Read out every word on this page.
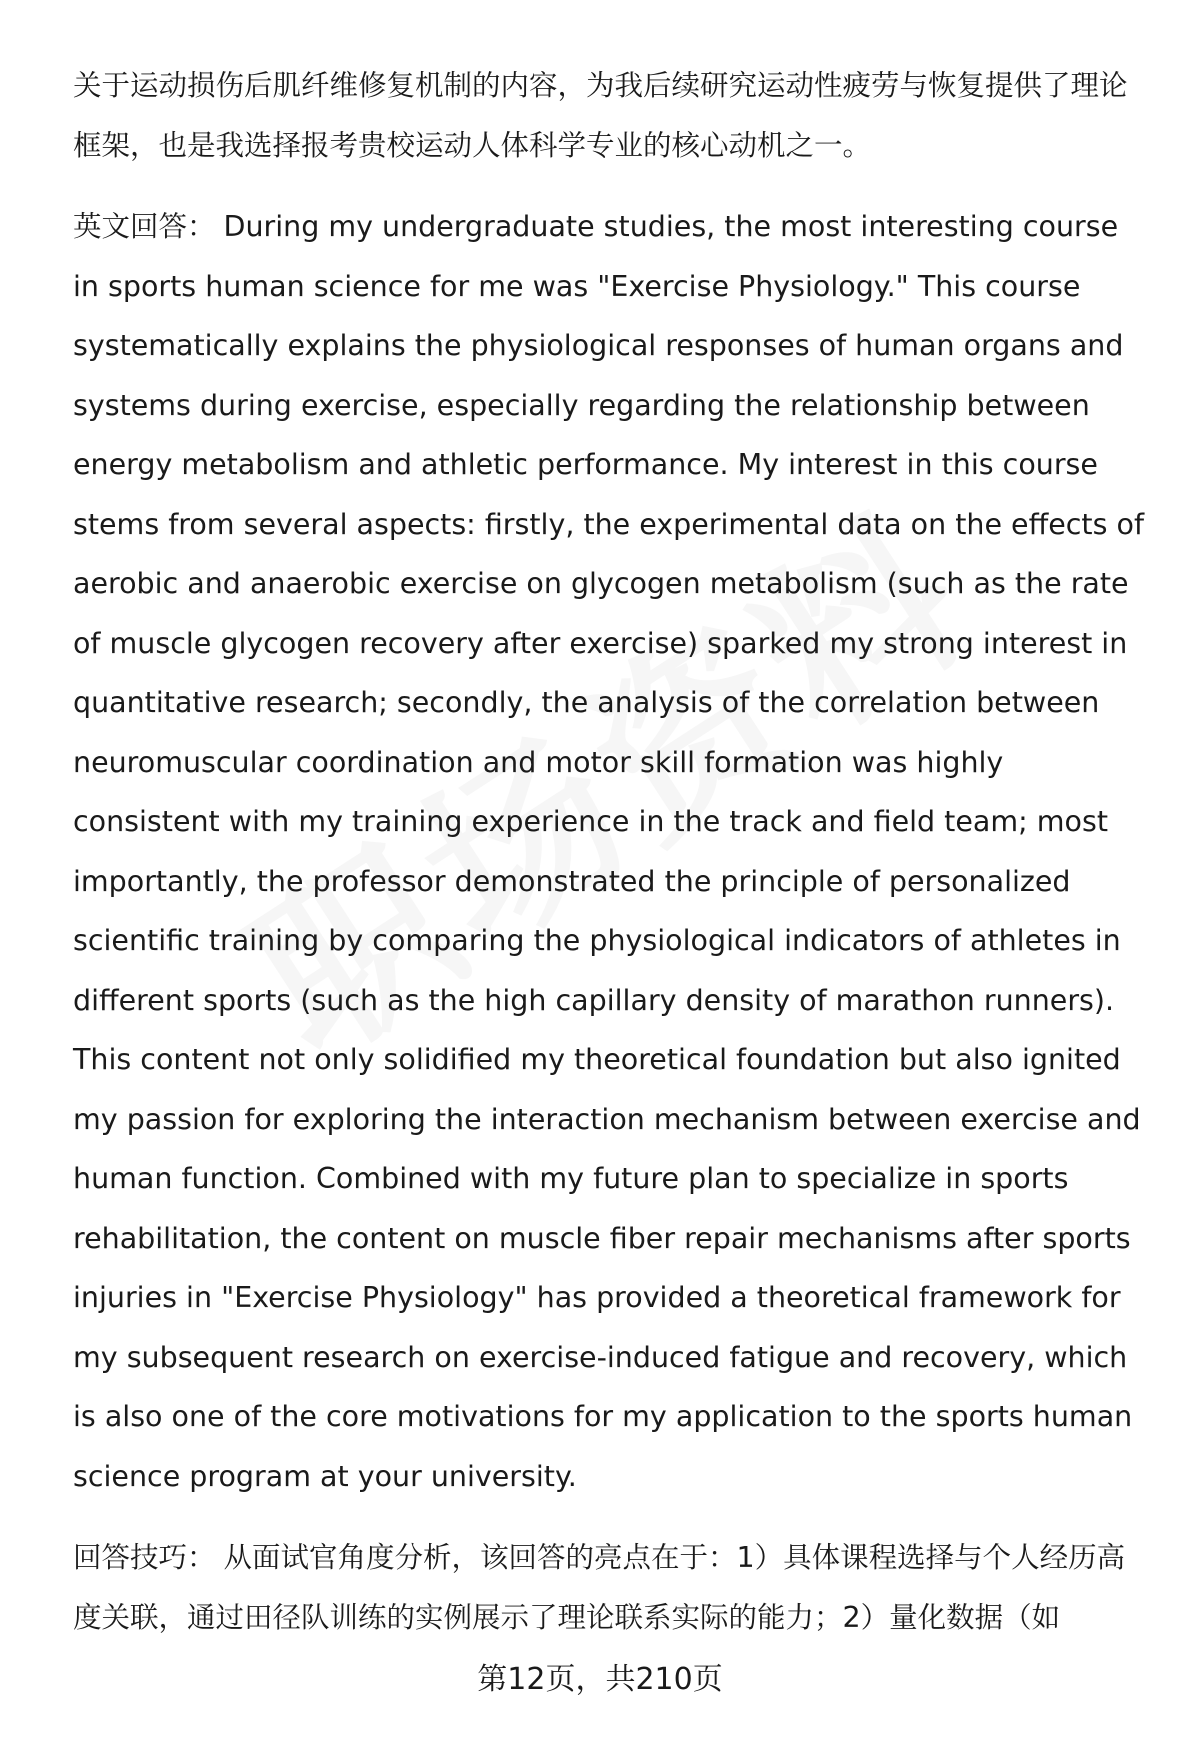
关于运动损伤后肌纤维修复机制的内容，为我后续研究运动性疲劳与恢复提供了理论框架，也是我选择报考贵校运动人体科学专业的核心动机之一。

英文回答： During my undergraduate studies, the most interesting course in sports human science for me was "Exercise Physiology." This course systematically explains the physiological responses of human organs and systems during exercise, especially regarding the relationship between energy metabolism and athletic performance. My interest in this course stems from several aspects: firstly, the experimental data on the effects of aerobic and anaerobic exercise on glycogen metabolism (such as the rate of muscle glycogen recovery after exercise) sparked my strong interest in quantitative research; secondly, the analysis of the correlation between neuromuscular coordination and motor skill formation was highly consistent with my training experience in the track and field team; most importantly, the professor demonstrated the principle of personalized scientific training by comparing the physiological indicators of athletes in different sports (such as the high capillary density of marathon runners). This content not only solidified my theoretical foundation but also ignited my passion for exploring the interaction mechanism between exercise and human function. Combined with my future plan to specialize in sports rehabilitation, the content on muscle fiber repair mechanisms after sports injuries in "Exercise Physiology" has provided a theoretical framework for my subsequent research on exercise-induced fatigue and recovery, which is also one of the core motivations for my application to the sports human science program at your university.

回答技巧： 从面试官角度分析，该回答的亮点在于：1）具体课程选择与个人经历高度关联，通过田径队训练的实例展示了理论联系实际的能力；2）量化数据（如

第12页，共210页
